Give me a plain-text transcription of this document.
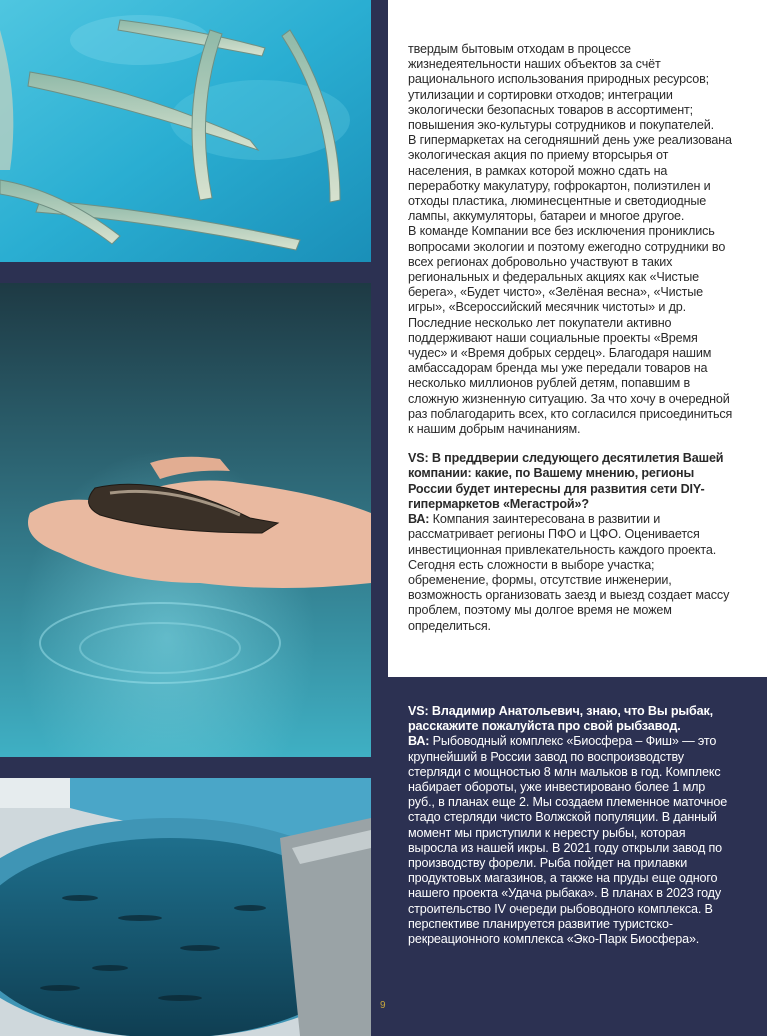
твердым бытовым отходам в процессе жизнедеятельности наших объектов за счёт рационального использования природных ресурсов; утилизации и сортировки отходов; интеграции экологически безопасных товаров в ассортимент; повышения эко-культуры сотрудников и покупателей.

В гипермаркетах на сегодняшний день уже реализована экологическая акция по приему вторсырья от населения, в рамках которой можно сдать на переработку макулатуру, гофрокартон, полиэтилен и отходы пластика, люминесцентные и светодиодные лампы, аккумуляторы, батареи и многое другое.

В команде Компании все без исключения прониклись вопросами экологии и поэтому ежегодно сотрудники во всех регионах добровольно участвуют в таких региональных и федеральных акциях как «Чистые берега», «Будет чисто», «Зелёная весна», «Чистые игры», «Всероссийский месячник чистоты» и др.

Последние несколько лет покупатели активно поддерживают наши социальные проекты «Время чудес» и «Время добрых сердец». Благодаря нашим амбассадорам бренда мы уже передали товаров на несколько миллионов рублей детям, попавшим в сложную жизненную ситуацию. За что хочу в очередной раз поблагодарить всех, кто согласился присоединиться к нашим добрым начинаниям.

VS: В преддверии следующего десятилетия Вашей компании: какие, по Вашему мнению, регионы России будет интересны для развития сети DIY-гипермаркетов «Мегастрой»?

ВА: Компания заинтересована в развитии и рассматривает регионы ПФО и ЦФО. Оценивается инвестиционная привлекательность каждого проекта. Сегодня есть сложности в выборе участка; обременение, формы, отсутствие инженерии, возможность организовать заезд и выезд создает массу проблем, поэтому мы долгое время не можем определиться.

VS: Владимир Анатольевич, знаю, что Вы рыбак, расскажите пожалуйста про свой рыбзавод.

ВА: Рыбоводный комплекс «Биосфера – Фиш» — это крупнейший в России завод по воспроизводству стерляди с мощностью 8 млн мальков в год. Комплекс набирает обороты, уже инвестировано более 1 млр руб., в планах еще 2. Мы создаем племенное маточное стадо стерляди чисто Волжской популяции. В данный момент мы приступили к нересту рыбы, которая выросла из нашей икры. В 2021 году открыли завод по производству форели. Рыба пойдет на прилавки продуктовых магазинов, а также на пруды еще одного нашего проекта «Удача рыбака». В планах в 2023 году строительство IV очереди рыбоводного комплекса. В перспективе планируется развитие туристско-рекреационного комплекса «Эко-Парк Биосфера».

9
